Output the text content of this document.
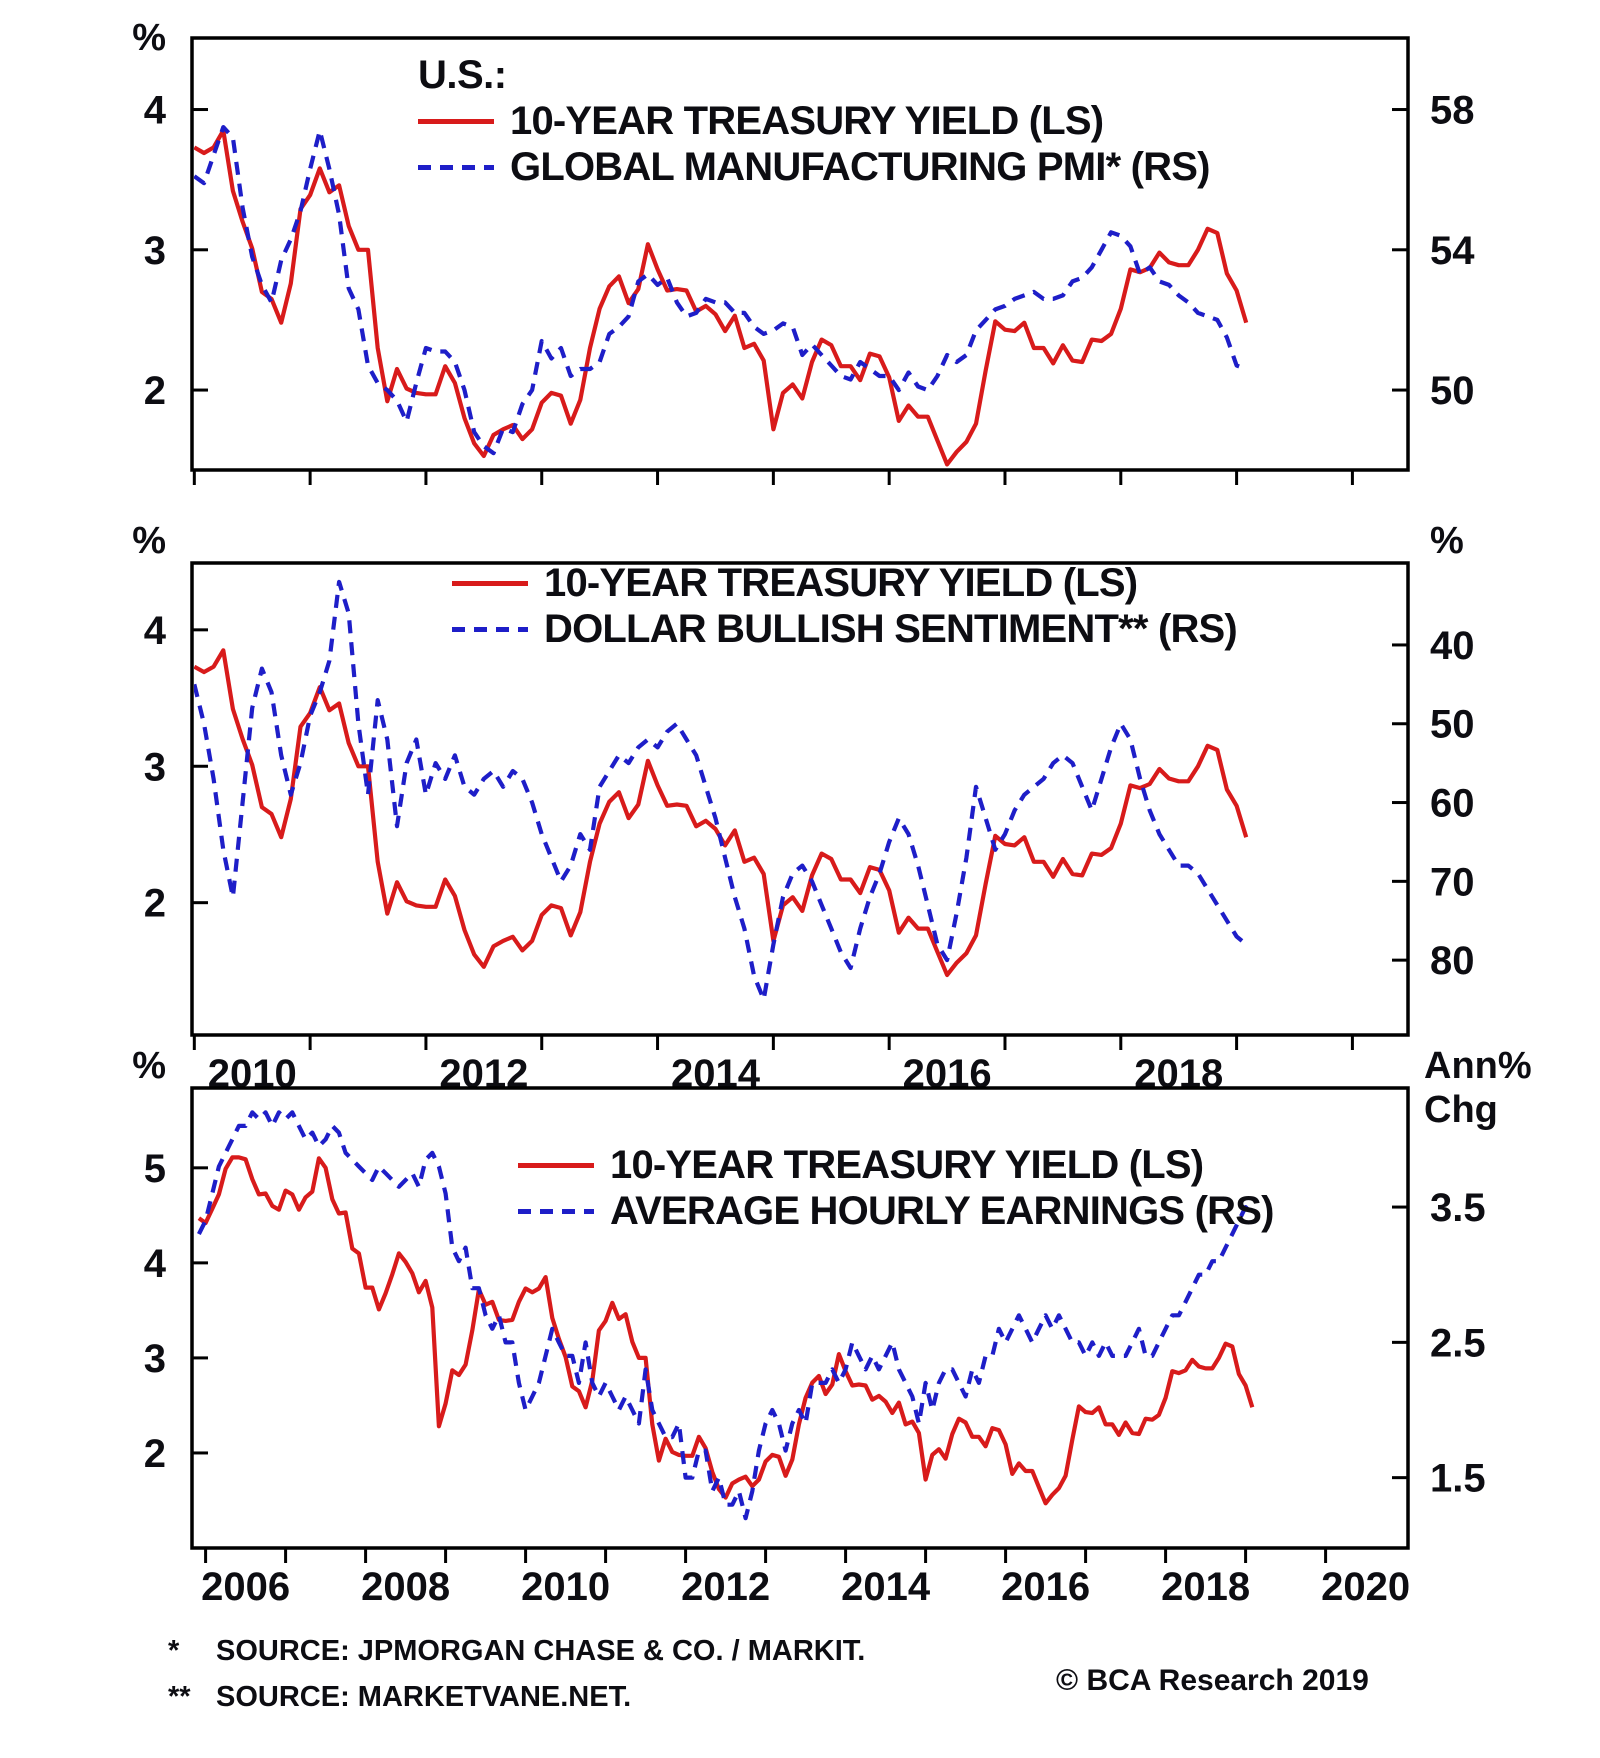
2
3
4
%
50
54
58
2010	2012	2014	2016	2018
2
3
4
%
40
50
60
70
80
%
2006 2008 2010 2012 2014 2016 2018 2020
2
3
4
5
%
1.5
2.5
3.5
Ann%
Chg
U.S.:
10-YEAR TREASURY YIELD (LS)
GLOBAL MANUFACTURING PMI* (RS)
10-YEAR TREASURY YIELD (LS)
DOLLAR BULLISH SENTIMENT** (RS)
10-YEAR TREASURY YIELD (LS)
AVERAGE HOURLY EARNINGS (RS)
*	SOURCE: JPMORGAN CHASE & CO. / MARKIT.
** SOURCE: MARKETVANE.NET.	© BCA Research 2019
